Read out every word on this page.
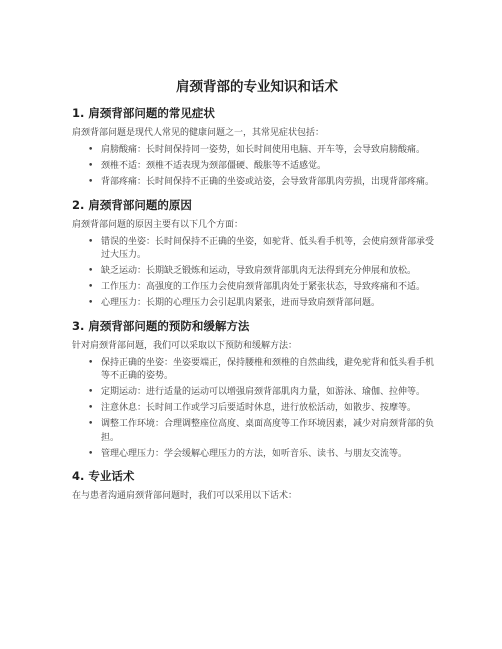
肩颈背部的专业知识和话术
1. 肩颈背部问题的常见症状

肩颈背部问题是现代人常见的健康问题之一，其常见症状包括：

• 肩膀酸痛：长时间保持同一姿势，如长时间使用电脑、开车等，会导致肩膀酸痛。
• 颈椎不适：颈椎不适表现为颈部僵硬、酸胀等不适感觉。
• 背部疼痛：长时间保持不正确的坐姿或站姿，会导致背部肌肉劳损，出现背部疼痛。
2. 肩颈背部问题的原因

肩颈背部问题的原因主要有以下几个方面：

• 错误的坐姿：长时间保持不正确的坐姿，如驼背、低头看手机等，会使肩颈背部承受过大压力。
• 缺乏运动：长期缺乏锻炼和运动，导致肩颈背部肌肉无法得到充分伸展和放松。
• 工作压力：高强度的工作压力会使肩颈背部肌肉处于紧张状态，导致疼痛和不适。
• 心理压力：长期的心理压力会引起肌肉紧张，进而导致肩颈背部问题。
3. 肩颈背部问题的预防和缓解方法

针对肩颈背部问题，我们可以采取以下预防和缓解方法：

• 保持正确的坐姿：坐姿要端正，保持腰椎和颈椎的自然曲线，避免驼背和低头看手机等不正确的姿势。
• 定期运动：进行适量的运动可以增强肩颈背部肌肉力量，如游泳、瑜伽、拉伸等。
• 注意休息：长时间工作或学习后要适时休息，进行放松活动，如散步、按摩等。
• 调整工作环境：合理调整座位高度、桌面高度等工作环境因素，减少对肩颈背部的负担。
• 管理心理压力：学会缓解心理压力的方法，如听音乐、读书、与朋友交流等。
4. 专业话术

在与患者沟通肩颈背部问题时，我们可以采用以下话术：
